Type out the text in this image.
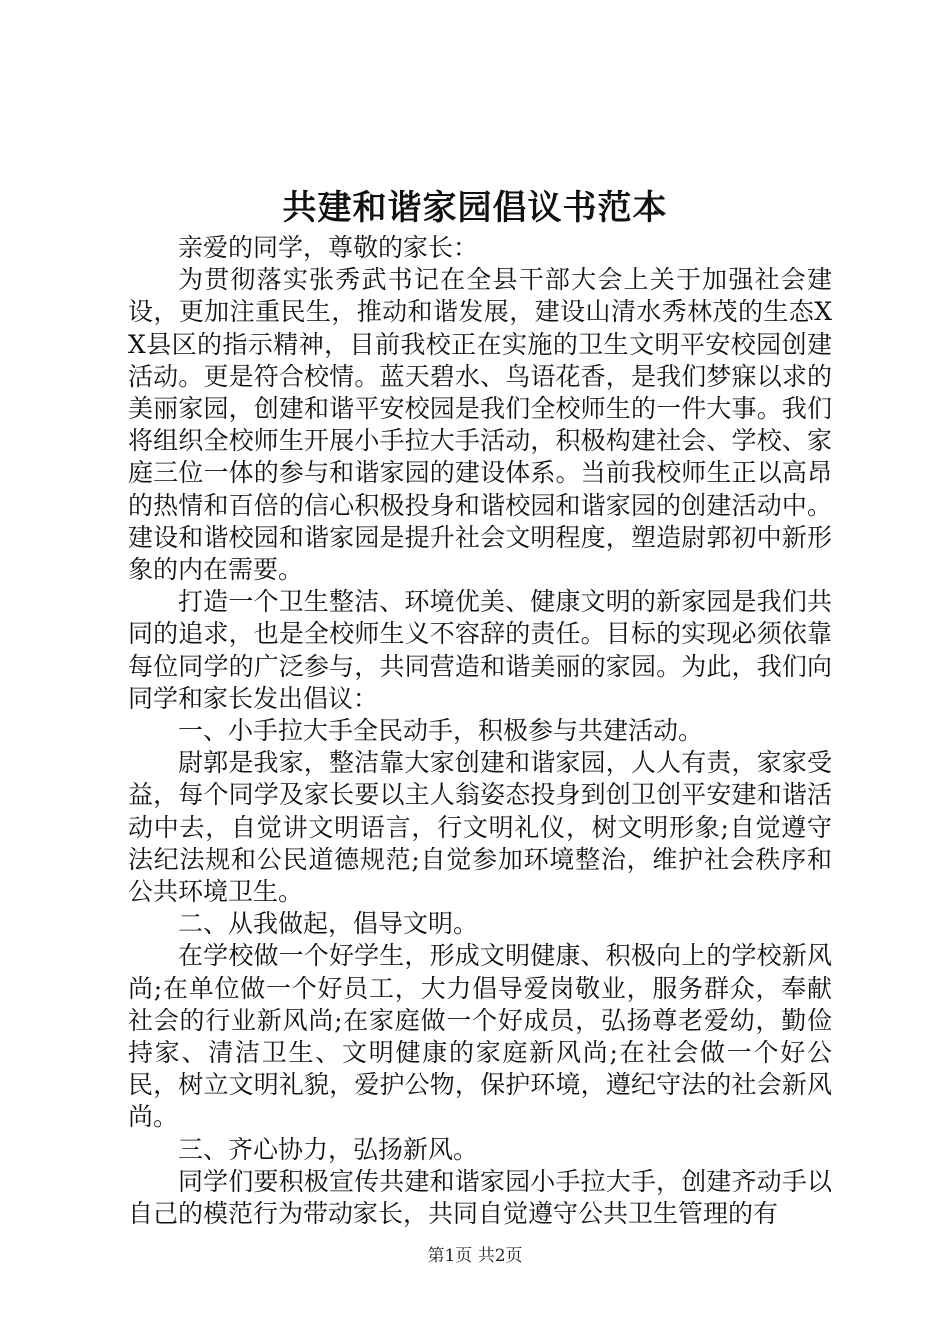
共建和谐家园倡议书范本

亲爱的同学，尊敬的家长：

为贯彻落实张秀武书记在全县干部大会上关于加强社会建设，更加注重民生，推动和谐发展，建设山清水秀林茂的生态XX县区的指示精神，目前我校正在实施的卫生文明平安校园创建活动。更是符合校情。蓝天碧水、鸟语花香，是我们梦寐以求的美丽家园，创建和谐平安校园是我们全校师生的一件大事。我们将组织全校师生开展小手拉大手活动，积极构建社会、学校、家庭三位一体的参与和谐家园的建设体系。当前我校师生正以高昂的热情和百倍的信心积极投身和谐校园和谐家园的创建活动中。建设和谐校园和谐家园是提升社会文明程度，塑造尉郭初中新形象的内在需要。

打造一个卫生整洁、环境优美、健康文明的新家园是我们共同的追求，也是全校师生义不容辞的责任。目标的实现必须依靠每位同学的广泛参与，共同营造和谐美丽的家园。为此，我们向同学和家长发出倡议：

一、小手拉大手全民动手，积极参与共建活动。

尉郭是我家，整洁靠大家创建和谐家园，人人有责，家家受益，每个同学及家长要以主人翁姿态投身到创卫创平安建和谐活动中去，自觉讲文明语言，行文明礼仪，树文明形象;自觉遵守法纪法规和公民道德规范;自觉参加环境整治，维护社会秩序和公共环境卫生。

二、从我做起，倡导文明。

在学校做一个好学生，形成文明健康、积极向上的学校新风尚;在单位做一个好员工，大力倡导爱岗敬业，服务群众，奉献社会的行业新风尚;在家庭做一个好成员，弘扬尊老爱幼，勤俭持家、清洁卫生、文明健康的家庭新风尚;在社会做一个好公民，树立文明礼貌，爱护公物，保护环境，遵纪守法的社会新风尚。

三、齐心协力，弘扬新风。

同学们要积极宣传共建和谐家园小手拉大手，创建齐动手以自己的模范行为带动家长，共同自觉遵守公共卫生管理的有

第1页 共2页
